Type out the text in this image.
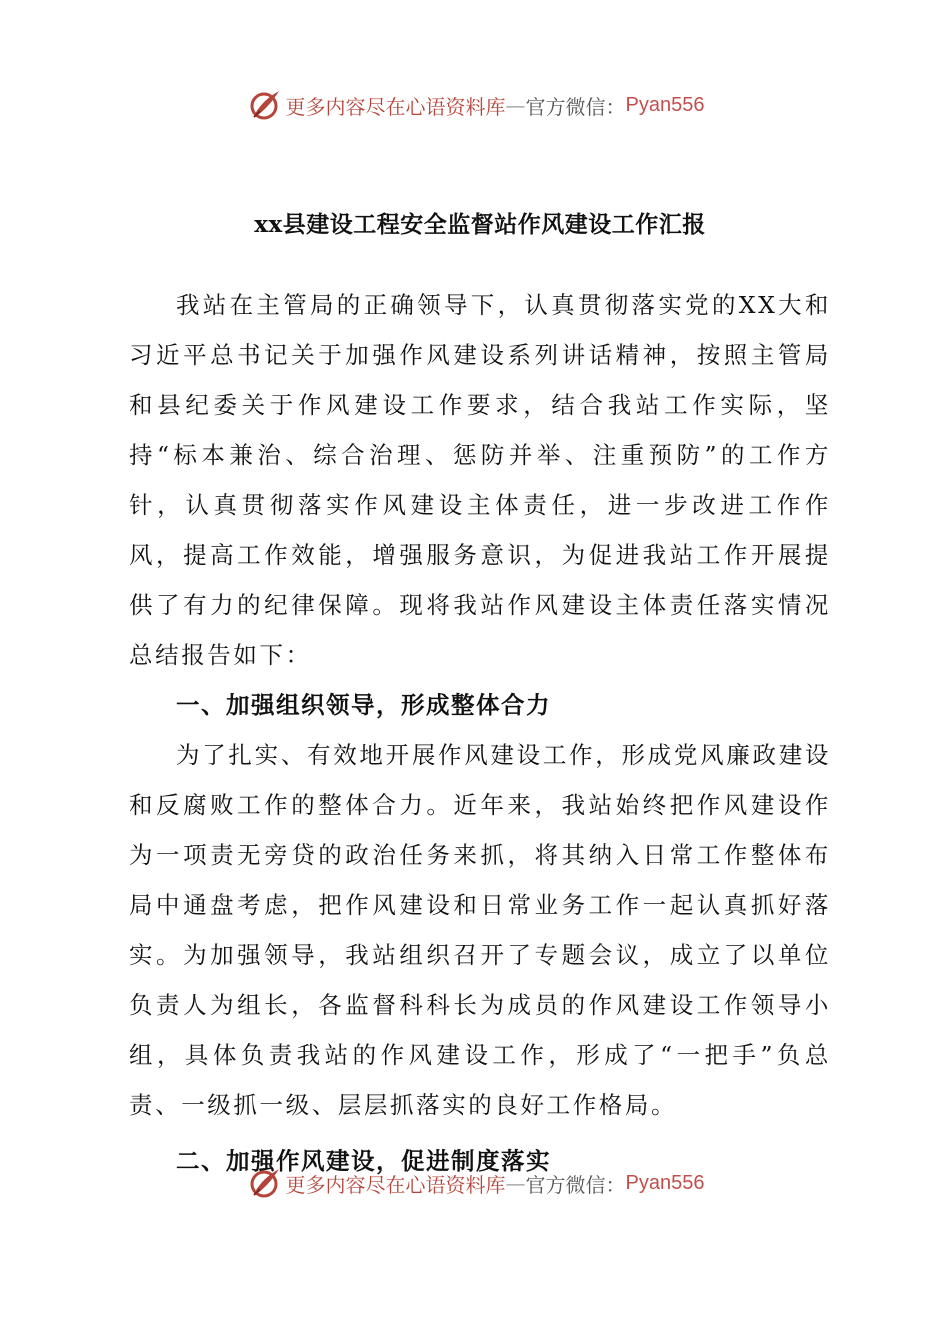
更多内容尽在心语资料库 — 官方微信： Pyan556
xx县建设工程安全监督站作风建设工作汇报

我站在主管局的正确领导下，认真贯彻落实党的XX大和习近平总书记关于加强作风建设系列讲话精神，按照主管局和县纪委关于作风建设工作要求，结合我站工作实际，坚持“标本兼治、综合治理、惩防并举、注重预防”的工作方针，认真贯彻落实作风建设主体责任，进一步改进工作作风，提高工作效能，增强服务意识，为促进我站工作开展提供了有力的纪律保障。现将我站作风建设主体责任落实情况总结报告如下：

一、加强组织领导，形成整体合力

为了扎实、有效地开展作风建设工作，形成党风廉政建设和反腐败工作的整体合力。近年来，我站始终把作风建设作为一项责无旁贷的政治任务来抓，将其纳入日常工作整体布局中通盘考虑，把作风建设和日常业务工作一起认真抓好落实。为加强领导，我站组织召开了专题会议，成立了以单位负责人为组长，各监督科科长为成员的作风建设工作领导小组，具体负责我站的作风建设工作，形成了“一把手”负总责、一级抓一级、层层抓落实的良好工作格局。

二、加强作风建设，促进制度落实

更多内容尽在心语资料库 — 官方微信： Pyan556
